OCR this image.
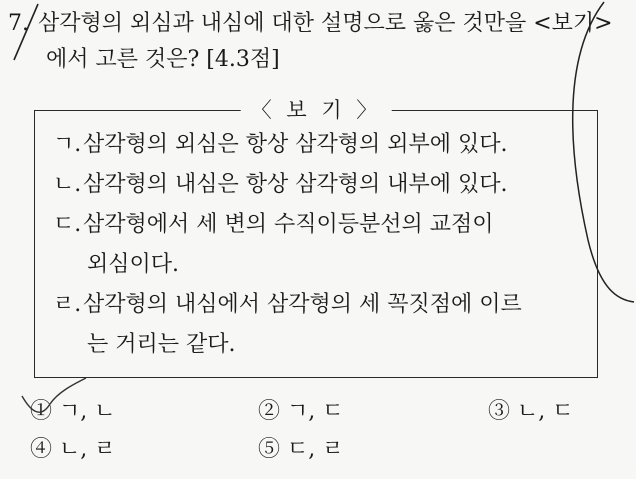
7. 삼각형의 외심과 내심에 대한 설명으로 옳은 것만을 <보기>
에서 고른 것은? [4.3점]
〈 보 기 〉
ㄱ.삼각형의 외심은 항상 삼각형의 외부에 있다.
ㄴ.삼각형의 내심은 항상 삼각형의 내부에 있다.
ㄷ.삼각형에서 세 변의 수직이등분선의 교점이
외심이다.
ㄹ.삼각형의 내심에서 삼각형의 세 꼭짓점에 이르
는 거리는 같다.
① ㄱ, ㄴ	② ㄱ, ㄷ	③ ㄴ, ㄷ
④ ㄴ, ㄹ	⑤ ㄷ, ㄹ
